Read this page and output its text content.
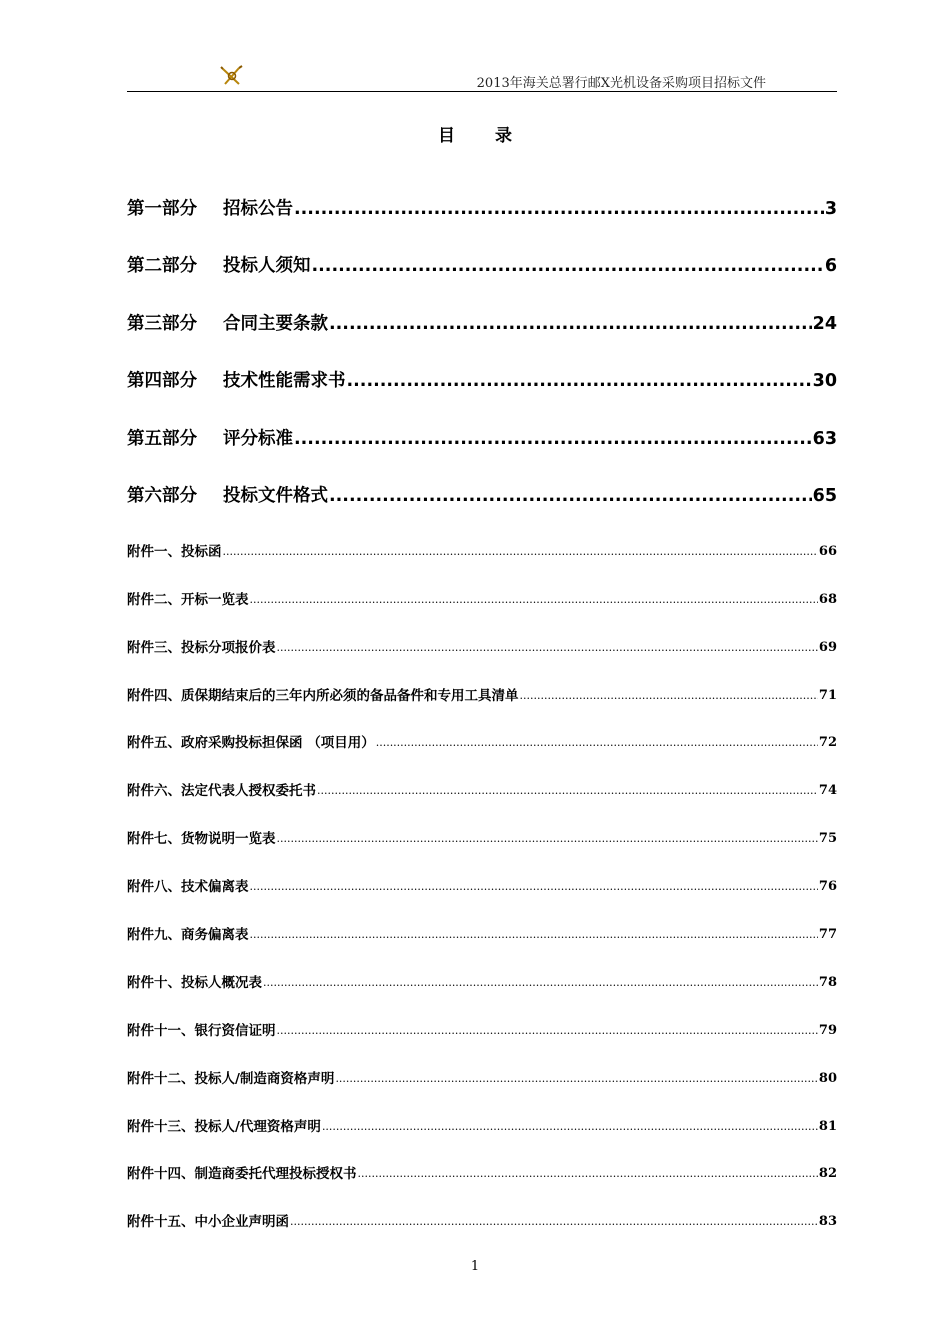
2013年海关总署行邮X光机设备采购项目招标文件
目录
第一部分 招标公告 .....	3
第二部分 投标人须知 .....	6
第三部分 合同主要条款 .....	24
第四部分 技术性能需求书 .....	30
第五部分 评分标准 .....	63
第六部分 投标文件格式 .....	65
附件一、投标函 .....	66
附件二、开标一览表 .....	68
附件三、投标分项报价表 .....	69
附件四、质保期结束后的三年内所必须的备品备件和专用工具清单 .....	71
附件五、政府采购投标担保函 （项目用） .....	72
附件六、法定代表人授权委托书 .....	74
附件七、货物说明一览表 .....	75
附件八、技术偏离表 .....	76
附件九、商务偏离表 .....	77
附件十、投标人概况表 .....	78
附件十一、银行资信证明 .....	79
附件十二、投标人/制造商资格声明 .....	80
附件十三、投标人/代理资格声明 .....	81
附件十四、制造商委托代理投标授权书 .....	82
附件十五、中小企业声明函 .....	83
1
